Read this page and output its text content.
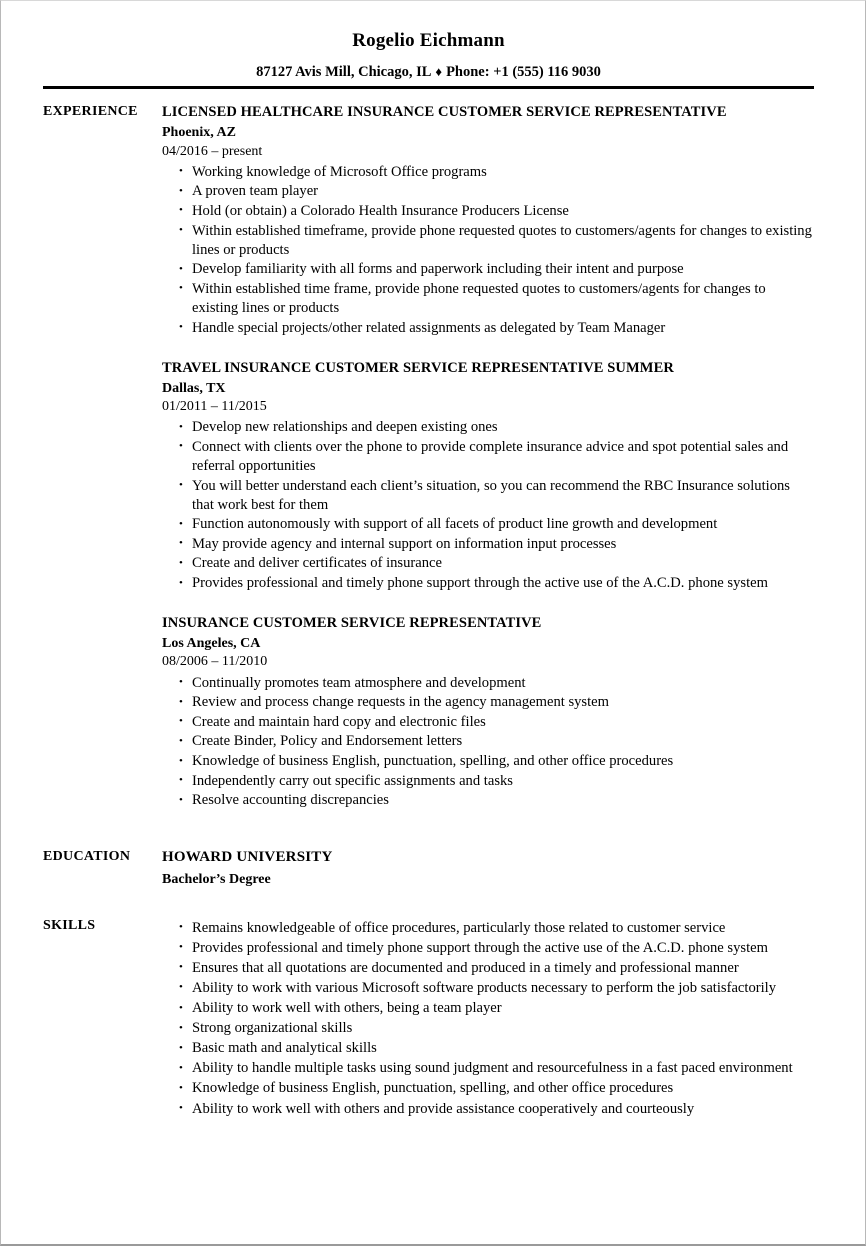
Rogelio Eichmann
87127 Avis Mill, Chicago, IL ♦ Phone: +1 (555) 116 9030
EXPERIENCE	LICENSED HEALTHCARE INSURANCE CUSTOMER SERVICE REPRESENTATIVE
Phoenix, AZ
04/2016 – present
• Working knowledge of Microsoft Office programs
• A proven team player
• Hold (or obtain) a Colorado Health Insurance Producers License
• Within established timeframe, provide phone requested quotes to customers/agents for changes to existing lines or products
• Develop familiarity with all forms and paperwork including their intent and purpose
• Within established time frame, provide phone requested quotes to customers/agents for changes to existing lines or products
• Handle special projects/other related assignments as delegated by Team Manager
TRAVEL INSURANCE CUSTOMER SERVICE REPRESENTATIVE SUMMER
Dallas, TX
01/2011 – 11/2015
• Develop new relationships and deepen existing ones
• Connect with clients over the phone to provide complete insurance advice and spot potential sales and referral opportunities
• You will better understand each client’s situation, so you can recommend the RBC Insurance solutions that work best for them
• Function autonomously with support of all facets of product line growth and development
• May provide agency and internal support on information input processes
• Create and deliver certificates of insurance
• Provides professional and timely phone support through the active use of the A.C.D. phone system
INSURANCE CUSTOMER SERVICE REPRESENTATIVE
Los Angeles, CA
08/2006 – 11/2010
• Continually promotes team atmosphere and development
• Review and process change requests in the agency management system
• Create and maintain hard copy and electronic files
• Create Binder, Policy and Endorsement letters
• Knowledge of business English, punctuation, spelling, and other office procedures
• Independently carry out specific assignments and tasks
• Resolve accounting discrepancies
EDUCATION	HOWARD UNIVERSITY
Bachelor’s Degree
SKILLS	• Remains knowledgeable of office procedures, particularly those related to customer service
• Provides professional and timely phone support through the active use of the A.C.D. phone system
• Ensures that all quotations are documented and produced in a timely and professional manner
• Ability to work with various Microsoft software products necessary to perform the job satisfactorily
• Ability to work well with others, being a team player
• Strong organizational skills
• Basic math and analytical skills
• Ability to handle multiple tasks using sound judgment and resourcefulness in a fast paced environment
• Knowledge of business English, punctuation, spelling, and other office procedures
• Ability to work well with others and provide assistance cooperatively and courteously
